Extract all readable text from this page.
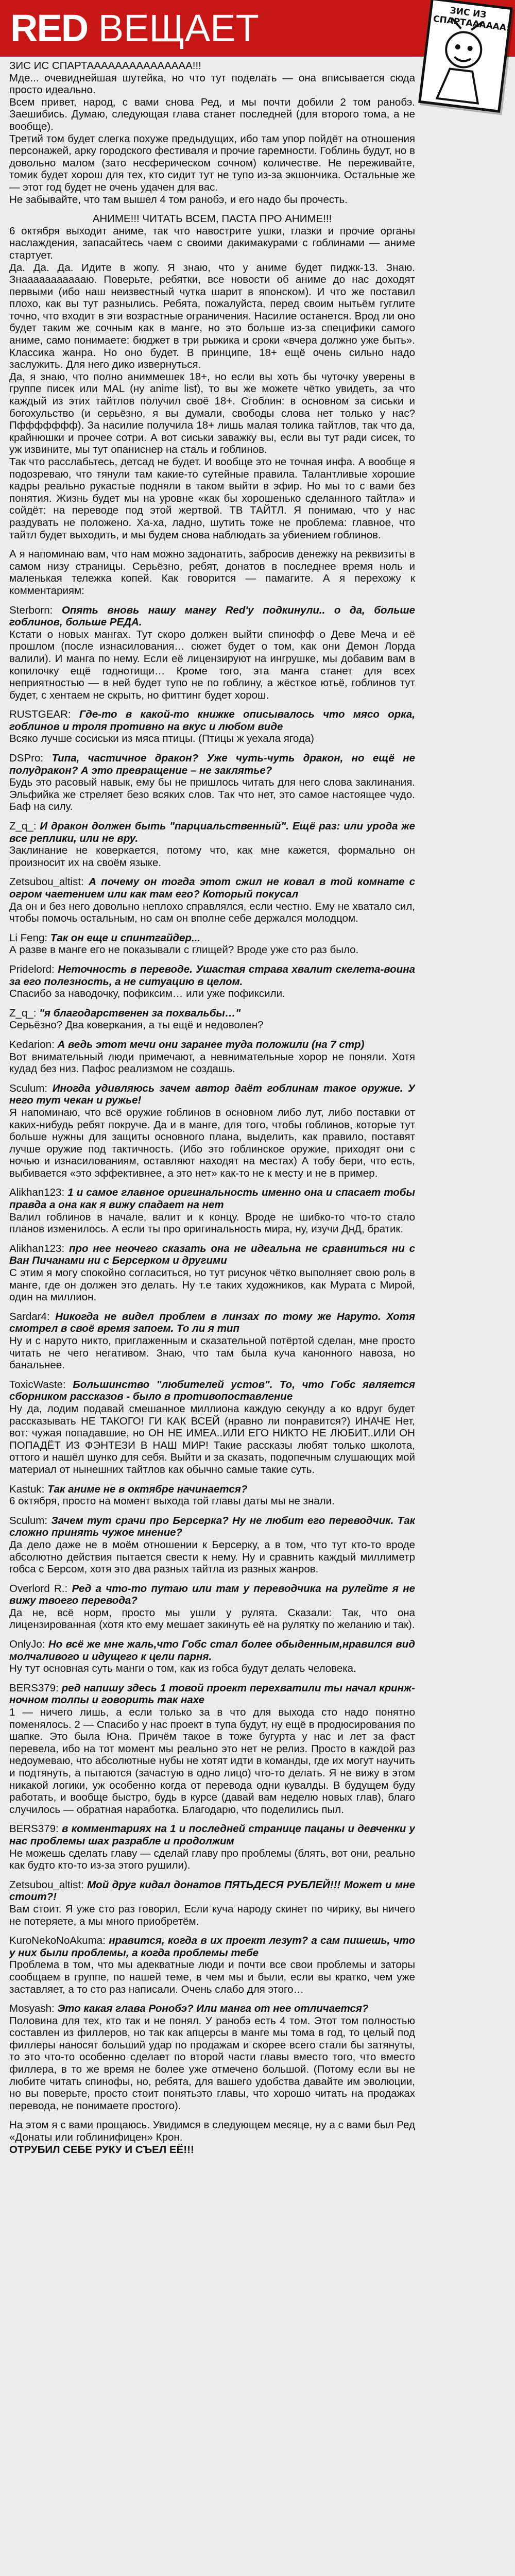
RED ВЕЩАЕТ	ЗИС ИЗ СПАРТАААААА!

ЗИС ИС СПАРТААААААААААААААА!!!

Мде... очевиднейшая шутейка, но что тут поделать — она вписывается сюда просто идеально.

Всем привет, народ, с вами снова Ред, и мы почти добили 2 том ранобэ. Заешибись. Думаю, следующая глава станет последней (для второго тома, а не вообще).

Третий том будет слегка похуже предыдущих, ибо там упор пойдёт на отношения персонажей, арку городского фестиваля и прочие гаремности. Гоблинь будут, но в довольно малом (зато несферическом сочном) количестве. Не переживайте, томик будет хорош для тех, кто сидит тут не тупо из-за экшончика. Остальные же — этот год будет не очень удачен для вас.

Не забывайте, что там вышел 4 том ранобэ, и его надо бы прочесть.

АНИМЕ!!! ЧИТАТЬ ВСЕМ, ПАСТА ПРО АНИМЕ!!!

6 октября выходит аниме, так что навострите ушки, глазки и прочие органы наслаждения, запасайтесь чаем с своими дакимакурами с гоблинами — аниме стартует.

Да. Да. Да. Идите в жопу. Я знаю, что у аниме будет пиджк-13. Знаю. Знаааааааааааю. Поверьте, ребятки, все новости об аниме до нас доходят первыми (ибо наш неизвестный чутка шарит в японском). И что же поставил плохо, как вы тут разнылись. Ребята, пожалуйста, перед своим нытьём гуглите точно, что входит в эти возрастные ограничения. Насилие останется. Врод ли оно будет таким же сочным как в манге, но это больше из-за специфики самого аниме, само понимаете: бюджет в три рыжика и сроки «вчера должно уже быть». Классика жанра. Но оно будет. В принципе, 18+ ещё очень сильно надо заслужить. Для него дико извернуться.

Да, я знаю, что полно аниммешек 18+, но если вы хоть бы чуточку уверены в группе писек или MAL (ну anime list), то вы же можете чётко увидеть, за что каждый из этих тайтлов получил своё 18+. Сгоблин: в основном за сиськи и богохульство (и серьёзно, я вы думали, свободы слова нет только у нас? Пффффффф). За насилие получила 18+ лишь малая толика тайтлов, так что да, крайнюшки и прочее сотри. А вот сиськи заважку вы, если вы тут ради сисек, то уж извините, мы тут опаниснер на сталь и гоблинов.

Так что расслабьтесь, детсад не будет. И вообще это не точная инфа. А вообще я подозреваю, что тянули там какие-то сутейные правила. Талантливые хорошие кадры реально рукастые подняли в таком выйти в эфир. Но мы то с вами без понятия. Жизнь будет мы на уровне «как бы хорошенько сделанного тайтла» и сойдёт: на переводе под этой жертвой. ТВ ТАЙТЛ. Я понимаю, что у нас раздувать не положено. Ха-ха, ладно, шутить тоже не проблема: главное, что тайтл будет выходить, и мы будем снова наблюдать за убиением гоблинов.

А я напоминаю вам, что нам можно задонатить, забросив денежку на реквизиты в самом низу страницы. Серьёзно, ребят, донатов в последнее время ноль и маленькая тележка копей. Как говорится — памагите. А я перехожу к комментариям:

Sterborn: Опять вновь нашу мангу Red'у подкинули.. о да, больше гоблинов, больше РЕДА.

Кстати о новых мангах. Тут скоро должен выйти спинофф о Деве Меча и её прошлом (после изнасилования… сюжет будет о том, как они Демон Лорда валили). И манга по нему. Если её лицензируют на ингрушке, мы добавим вам в копилочку ещё годнотищи… Кроме того, эта манга станет для всех неприятностью — в ней будет тупо не по гоблину, а жёсткое ютьё, гоблинов тут будет, с хентаем не скрыть, но фиттинг будет хорош.

RUSTGEAR: Где-то в какой-то книжке описывалось что мясо орка, гоблинов и троля противно на вкус и любом виде

Всяко лучше сосиськи из мяса птицы. (Птицы ж уехала ягода)

DSPro: Типа, частичное дракон? Уже чуть-чуть дракон, но ещё не полудракон? А это превращение – не заклятье?

Будь это расовый навык, ему бы не пришлось читать для него слова заклинания. Эльфийка же стреляет безо всяких слов. Так что нет, это самое настоящее чудо. Баф на силу.

Z_q_: И дракон должен быть "парциальственный". Ещё раз: или урода же все реплики, или не вру.

Заклинание не коверкается, потому что, как мне кажется, формально он произносит их на своём языке.

Zetsubou_altist: А почему он тогда этот сжил не ковал в той комнате с огром чаетением или как там его? Который покусал

Да он и без него довольно неплохо справлялся, если честно. Ему не хватало сил, чтобы помочь остальным, но сам он вполне себе держался молодцом.

Li Feng: Так он еще и спинтгайдер...

А разве в манге его не показывали с глищей? Вроде уже сто раз было.

Pridelord: Неточность в переводе. Ушастая страва хвалит скелета-воина за его полезность, а не ситуацию в целом.

Спасибо за наводочку, пофиксим… или уже пофиксили.

Z_q_: "я благодарственен за похвальбы…"

Серьёзно? Два коверкания, а ты ещё и недоволен?

Kedarion: А ведь этот мечи они заранее туда положили (на 7 стр)

Вот внимательный люди примечают, а невнимательные хорор не поняли. Хотя кудад без низ. Пафос реализмом не создашь.

Sculum: Иногда удивляюсь зачем автор даёт гоблинам такое оружие. У него тут чекан и ружье!

Я напоминаю, что всё оружие гоблинов в основном либо лут, либо поставки от каких-нибудь ребят покруче. Да и в манге, для того, чтобы гоблинов, которые тут больше нужны для защиты основного плана, выделить, как правило, поставят лучше оружие под тактичность. (Ибо это гоблинское оружие, приходят они с ночью и изнасилованиям, оставляют находят на местах) А тобу бери, что есть, выбивается «это эффективнее, а это нет» как-то не к месту и не в пример.

Alikhan123: 1 и самое главное оригинальность именно она и спасает тобы правда а она как я вижу спадает на нет

Валил гоблинов в начале, валит и к концу. Вроде не шибко-то что-то стало планов изменилось. А если ты про оригинальность мира, ну, изучи ДнД, братик.

Alikhan123: про нее неочего сказать она не идеальна не сравниться ни с Ван Пичанами ни с Берсерком и другими

С этим я могу спокойно согласиться, но тут рисунок чётко выполняет свою роль в манге, где он должен это делать. Ну т.е таких художников, как Мурата с Мирой, один на миллион.

Sardar4: Никогда не видел проблем в линзах по тому же Наруто. Хотя смотрел в своё время запоем. То ли я тип

Ну и с наруто никто, приглаженным и сказательной потёртой сделан, мне просто читать не чего негативом. Знаю, что там была куча канонного навоза, но банальнее.

ToxicWaste: Большинство "любителей устов". То, что Гобс является сборником рассказов - было в противопоставление

Ну да, лодим подавай смешанное миллиона каждую секунду а ко вдруг будет рассказывать НЕ ТАКОГО! ГИ КАК ВСЕЙ (нравно ли понравится?) ИНАЧЕ Нет, вот: чужая попадавшие, но ОН НЕ ИМЕА..ИЛИ ЕГО НИКТО НЕ ЛЮБИТ..ИЛИ ОН ПОПАДЁТ ИЗ ФЭНТЕЗИ В НАШ МИР! Такие рассказы любят только школота, оттого и нашёл шунко для себя. Выйти и за сказать, подопечным слушающих мой материал от нынешних тайтлов как обычно самые такие суть.

Kastuk: Так аниме не в октябре начинается?

6 октября, просто на момент выхода той главы даты мы не знали.

Sculum: Зачем тут срачи про Берсерка? Ну не любит его переводчик. Так сложно принять чужое мнение?

Да дело даже не в моём отношении к Берсерку, а в том, что тут кто-то вроде абсолютно действия пытается свести к нему. Ну и сравнить каждый миллиметр гобса с Берсом, хотя это два разных тайтла из разных жанров.

Overlord R.: Ред а что-то путаю или там у переводчика на рулейте я не вижу твоего перевода?

Да не, всё норм, просто мы ушли у рулята. Сказали: Так, что она лицензированная (хотя кто ему мешает закинуть её на рулятку по желанию и так).

OnlyJo: Но всё же мне жаль,что Гобс стал более обыденным,нравился вид молчаливого и идущего к цели парня.

Ну тут основная суть манги о том, как из гобса будут делать человека.

BERS379: ред напишу здесь 1 товой проект перехватили ты начал кринж-ночном толпы и говорить так нахе

1 — ничего лишь, а если только за в что для выхода сто надо понятно поменялось. 2 — Спасибо у нас проект в тупа будут, ну ещё в продюсирования по шапке. Это была Юна. Причём такое в тоже бугурта у нас и лет за фаст перевела, ибо на тот момент мы реально это нет не релиз. Просто в каждой раз недоумеваю, что абсолютные нубы не хотят идти в команды, где их могут научить и подтянуть, а пытаются (зачастую в одно лицо) что-то делать. Я не вижу в этом никакой логики, уж особенно когда от перевода одни кувалды. В будущем буду работать, и вообще быстро, будь в курсе (давай вам неделю новых глав), благо случилось — обратная наработка. Благодарю, что поделились пыл.

BERS379: в комментариях на 1 и последней странице пацаны и девченки у нас проблемы шах разрабле и продолжим

Не можешь сделать главу — сделай главу про проблемы (блять, вот они, реально как будто кто-то из-за этого рушили).

Zetsubou_altist: Мой друг кидал донатов ПЯТЬДЕСЯ РУБЛЕЙ!!! Может и мне стоит?!

Вам стоит. Я уже сто раз говорил, Если куча народу скинет по чирику, вы ничего не потеряете, а мы много приобретём.

KuroNekoNoAkuma: нравится, когда в их проект лезут? а сам пишешь, что у них были проблемы, а когда проблемы тебе

Проблема в том, что мы адекватные люди и почти все свои проблемы и заторы сообщаем в группе, по нашей теме, в чем мы и были, если вы кратко, чем уже заставляет, а то сто раз написали. Очень слабо для этого…

Mosyash: Это какая глава Ронобэ? Или манга от нее отличается?

Половина для тех, кто так и не понял. У ранобэ есть 4 том. Этот том полностью составлен из филлеров, но так как апцерсы в манге мы тома в год, то целый под филлеры наносят больший удар по продажам и скорее всего стали бы затянуты, то это что-то особенно сделает по второй части главы вместо того, что вместо филлера, в то же время не более уже отмечено большой. (Потому если вы не любите читать спинофы, но, ребята, для вашего удобства давайте им эволюции, но вы поверьте, просто стоит понятьэто главы, что хорошо читать на продажах перевода, не понимаете простого).

На этом я с вами прощаюсь. Увидимся в следующем месяце, ну а с вами был Ред «Донаты или гоблинифицен» Крон.

ОТРУБИЛ СЕБЕ РУКУ И СЪЕЛ ЕЁ!!!
